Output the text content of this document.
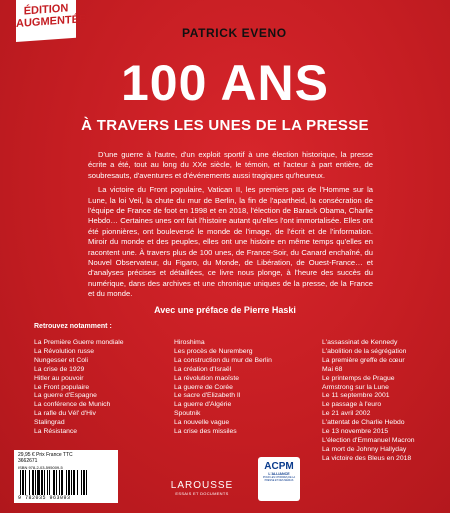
ÉDITION
AUGMENTÉE
PATRICK EVENO
100 ANS
À TRAVERS LES UNES DE LA PRESSE

D'une guerre à l'autre, d'un exploit sportif à une élection historique, la presse écrite a été, tout au long du XXe siècle, le témoin, et l'acteur à part entière, de soubresauts, d'aventures et d'événements aussi tragiques qu'heureux.

La victoire du Front populaire, Vatican II, les premiers pas de l'Homme sur la Lune, la loi Veil, la chute du mur de Berlin, la fin de l'apartheid, la consécration de l'équipe de France de foot en 1998 et en 2018, l'élection de Barack Obama, Charlie Hebdo… Certaines unes ont fait l'histoire autant qu'elles l'ont immortalisée. Elles ont été pionnières, ont bouleversé le monde de l'image, de l'écrit et de l'information. Miroir du monde et des peuples, elles ont une histoire en même temps qu'elles en racontent une. À travers plus de 100 unes, de France-Soir, du Canard enchaîné, du Nouvel Observateur, du Figaro, du Monde, de Libération, de Ouest-France… et d'analyses précises et détaillées, ce livre nous plonge, à l'heure des succès du numérique, dans des archives et une chronique uniques de la presse, de la France et du monde.

Avec une préface de Pierre Haski
Retrouvez notamment :
La Première Guerre mondiale
La Révolution russe
Nungesser et Coli
La crise de 1929
Hitler au pouvoir
Le Front populaire
La guerre d'Espagne
La conférence de Munich
La rafle du Vél' d'Hiv
Stalingrad
La Résistance
Hiroshima
Les procès de Nuremberg
La construction du mur de Berlin
La création d'Israël
La révolution maoïste
La guerre de Corée
Le sacre d'Elizabeth II
La guerre d'Algérie
Spoutnik
La nouvelle vague
La crise des missiles
L'assassinat de Kennedy
L'abolition de la ségrégation
La première greffe de cœur
Mai 68
Le printemps de Prague
Armstrong sur la Lune
Le 11 septembre 2001
Le passage à l'euro
Le 21 avril 2002
L'attentat de Charlie Hebdo
Le 13 novembre 2015
L'élection d'Emmanuel Macron
La mort de Johnny Hallyday
La victoire des Bleus en 2018
29,95 € Prix France TTC
3662671
ISBN 978-2-03-595009-5
9 782035 963093
LAROUSSE
ESSAIS ET DOCUMENTS
ACPM
L'ALLIANCE
POUR LES CHIFFRES DE LA PRESSE ET DES MÉDIAS
